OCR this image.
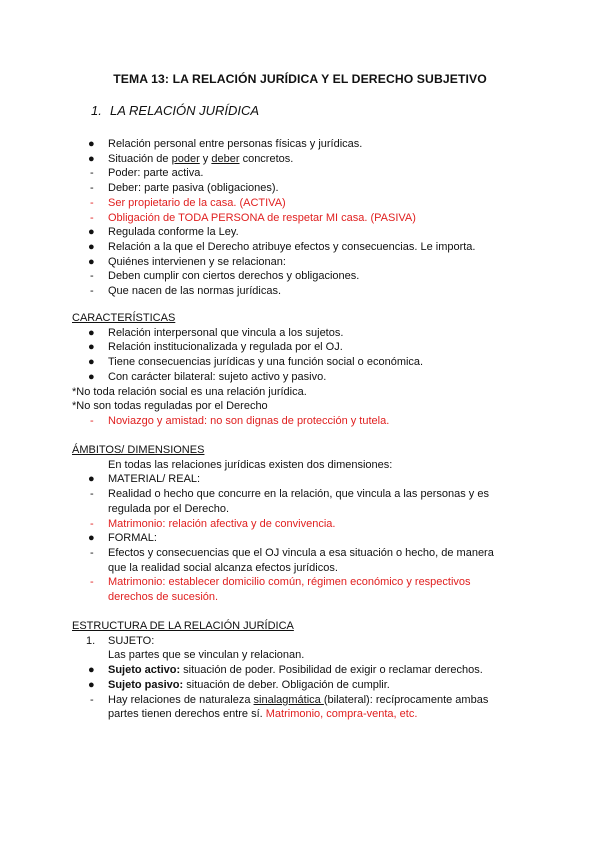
TEMA 13: LA RELACIÓN JURÍDICA Y EL DERECHO SUBJETIVO
1. LA RELACIÓN JURÍDICA
● Relación personal entre personas físicas y jurídicas.
● Situación de poder y deber concretos.
- Poder: parte activa.
- Deber: parte pasiva (obligaciones).
- Ser propietario de la casa. (ACTIVA)
- Obligación de TODA PERSONA de respetar MI casa. (PASIVA)
● Regulada conforme la Ley.
● Relación a la que el Derecho atribuye efectos y consecuencias. Le importa.
● Quiénes intervienen y se relacionan:
- Deben cumplir con ciertos derechos y obligaciones.
- Que nacen de las normas jurídicas.
CARACTERÍSTICAS
● Relación interpersonal que vincula a los sujetos.
● Relación institucionalizada y regulada por el OJ.
● Tiene consecuencias jurídicas y una función social o económica.
● Con carácter bilateral: sujeto activo y pasivo.
*No toda relación social es una relación jurídica.
*No son todas reguladas por el Derecho
- Noviazgo y amistad: no son dignas de protección y tutela.
ÁMBITOS/ DIMENSIONES
En todas las relaciones jurídicas existen dos dimensiones:
● MATERIAL/ REAL:
- Realidad o hecho que concurre en la relación, que vincula a las personas y es regulada por el Derecho.
- Matrimonio: relación afectiva y de convivencia.
● FORMAL:
- Efectos y consecuencias que el OJ vincula a esa situación o hecho, de manera que la realidad social alcanza efectos jurídicos.
- Matrimonio: establecer domicilio común, régimen económico y respectivos derechos de sucesión.
ESTRUCTURA DE LA RELACIÓN JURÍDICA
1. SUJETO:
Las partes que se vinculan y relacionan.
● Sujeto activo: situación de poder. Posibilidad de exigir o reclamar derechos.
● Sujeto pasivo: situación de deber. Obligación de cumplir.
- Hay relaciones de naturaleza sinalagmática (bilateral): recíprocamente ambas partes tienen derechos entre sí. Matrimonio, compra-venta, etc.
